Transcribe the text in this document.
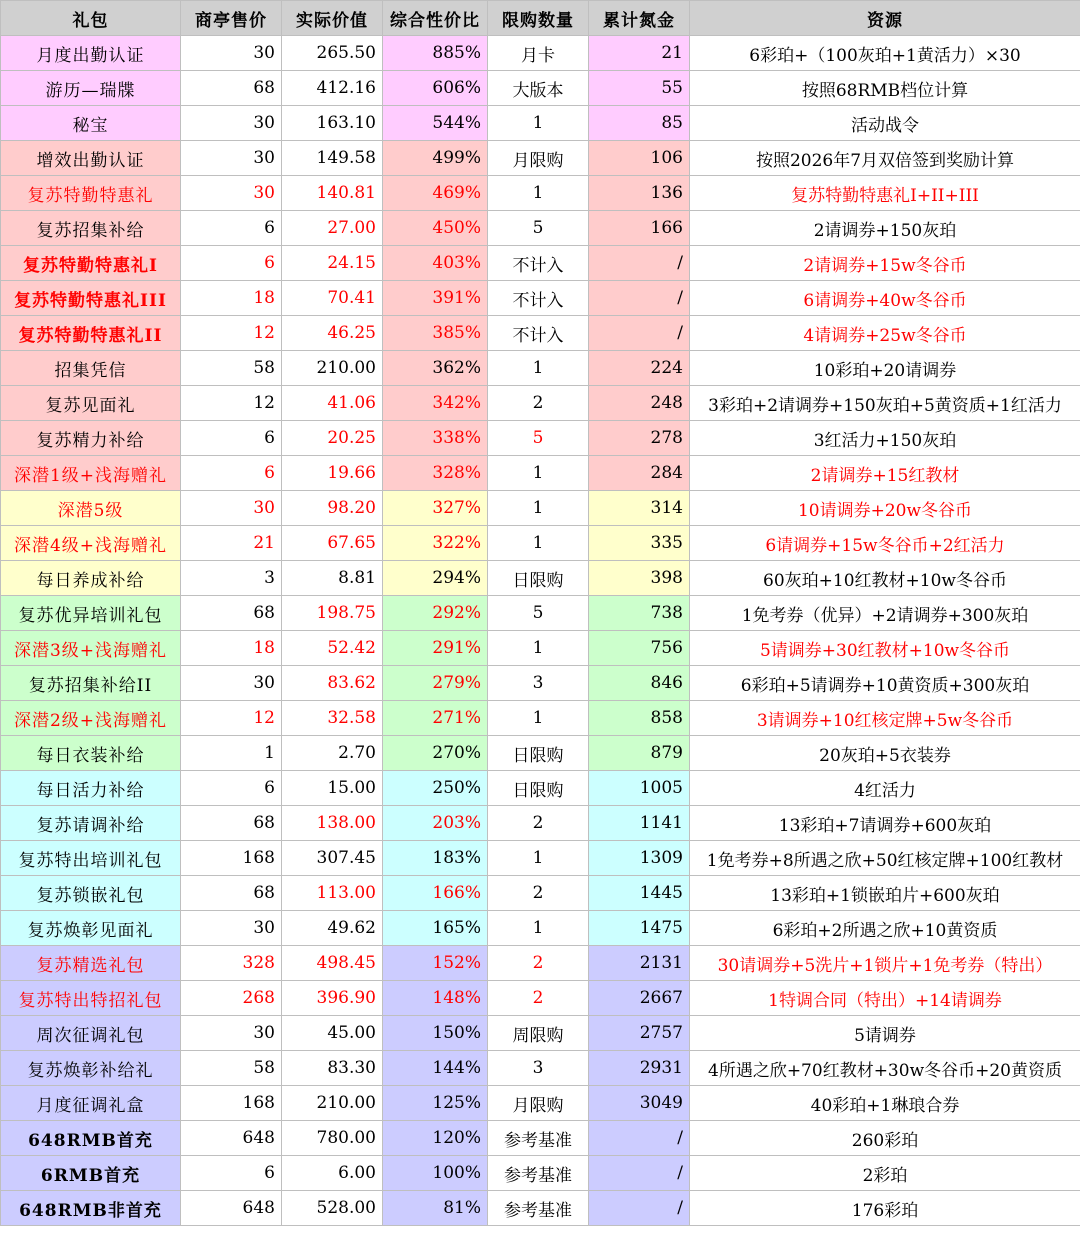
礼包	商亭售价	实际价值	综合性价比	限购数量	累计氮金	资源
月度出勤认证	30	265.50	885%	月卡	21	6彩珀+（100灰珀+1黄活力）×30
游历—瑞牒	68	412.16	606%	大版本	55	按照68RMB档位计算
秘宝	30	163.10	544%	1	85	活动战令
增效出勤认证	30	149.58	499%	月限购	106	按照2026年7月双倍签到奖励计算
复苏特勤特惠礼	30	140.81	469%	1	136	复苏特勤特惠礼I+II+III
复苏招集补给	6	27.00	450%	5	166	2请调券+150灰珀
复苏特勤特惠礼I	6	24.15	403%	不计入	/	2请调券+15w冬谷币
复苏特勤特惠礼III	18	70.41	391%	不计入	/	6请调券+40w冬谷币
复苏特勤特惠礼II	12	46.25	385%	不计入	/	4请调券+25w冬谷币
招集凭信	58	210.00	362%	1	224	10彩珀+20请调券
复苏见面礼	12	41.06	342%	2	248	3彩珀+2请调券+150灰珀+5黄资质+1红活力
复苏精力补给	6	20.25	338%	5	278	3红活力+150灰珀
深潜1级+浅海赠礼	6	19.66	328%	1	284	2请调券+15红教材
深潜5级	30	98.20	327%	1	314	10请调券+20w冬谷币
深潜4级+浅海赠礼	21	67.65	322%	1	335	6请调券+15w冬谷币+2红活力
每日养成补给	3	8.81	294%	日限购	398	60灰珀+10红教材+10w冬谷币
复苏优异培训礼包	68	198.75	292%	5	738	1免考券（优异）+2请调券+300灰珀
深潜3级+浅海赠礼	18	52.42	291%	1	756	5请调券+30红教材+10w冬谷币
复苏招集补给II	30	83.62	279%	3	846	6彩珀+5请调券+10黄资质+300灰珀
深潜2级+浅海赠礼	12	32.58	271%	1	858	3请调券+10红核定牌+5w冬谷币
每日衣装补给	1	2.70	270%	日限购	879	20灰珀+5衣装券
每日活力补给	6	15.00	250%	日限购	1005	4红活力
复苏请调补给	68	138.00	203%	2	1141	13彩珀+7请调券+600灰珀
复苏特出培训礼包	168	307.45	183%	1	1309	1免考券+8所遇之欣+50红核定牌+100红教材
复苏锁嵌礼包	68	113.00	166%	2	1445	13彩珀+1锁嵌珀片+600灰珀
复苏焕彰见面礼	30	49.62	165%	1	1475	6彩珀+2所遇之欣+10黄资质
复苏精选礼包	328	498.45	152%	2	2131	30请调券+5洗片+1锁片+1免考券（特出）
复苏特出特招礼包	268	396.90	148%	2	2667	1特调合同（特出）+14请调券
周次征调礼包	30	45.00	150%	周限购	2757	5请调券
复苏焕彰补给礼	58	83.30	144%	3	2931	4所遇之欣+70红教材+30w冬谷币+20黄资质
月度征调礼盒	168	210.00	125%	月限购	3049	40彩珀+1琳琅合券
648RMB首充	648	780.00	120%	参考基准	/	260彩珀
6RMB首充	6	6.00	100%	参考基准	/	2彩珀
648RMB非首充	648	528.00	81%	参考基准	/	176彩珀
